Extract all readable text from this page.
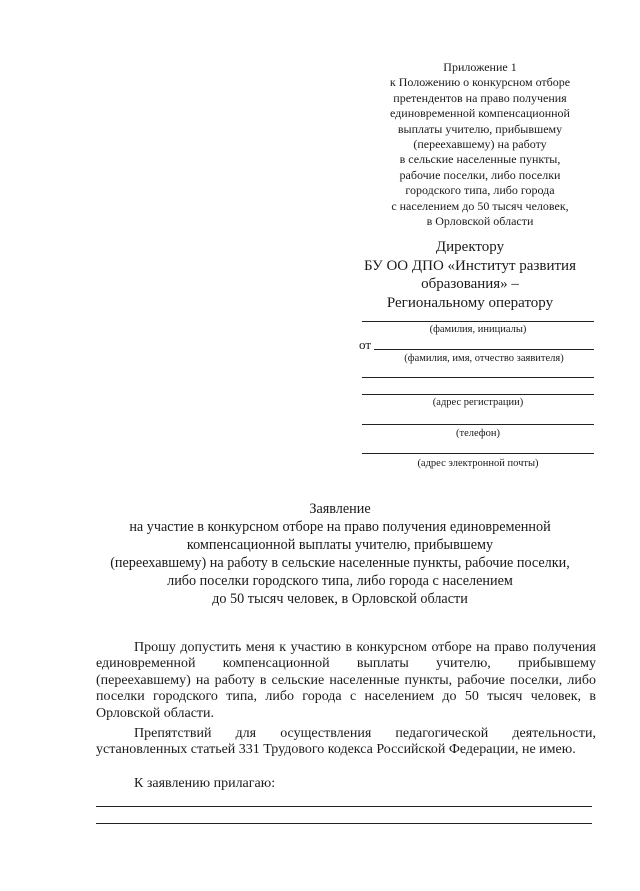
Приложение 1
к Положению о конкурсном отборе
претендентов на право получения
единовременной компенсационной
выплаты учителю, прибывшему
(переехавшему) на работу
в сельские населенные пункты,
рабочие поселки, либо поселки
городского типа, либо города
с населением до 50 тысяч человек,
в Орловской области
Директору
БУ ОО ДПО «Институт развития
образования» –
Региональному оператору
(фамилия, инициалы)
от
(фамилия, имя, отчество заявителя)
(адрес регистрации)
(телефон)
(адрес электронной почты)
Заявление
на участие в конкурсном отборе на право получения единовременной
компенсационной выплаты учителю, прибывшему
(переехавшему) на работу в сельские населенные пункты, рабочие поселки,
либо поселки городского типа, либо города с населением
до 50 тысяч человек, в Орловской области
Прошу допустить меня к участию в конкурсном отборе на право получения единовременной компенсационной выплаты учителю, прибывшему (переехавшему) на работу в сельские населенные пункты, рабочие поселки, либо поселки городского типа, либо города с населением до 50 тысяч человек, в Орловской области.
Препятствий для осуществления педагогической деятельности, установленных статьей 331 Трудового кодекса Российской Федерации, не имею.
К заявлению прилагаю:
